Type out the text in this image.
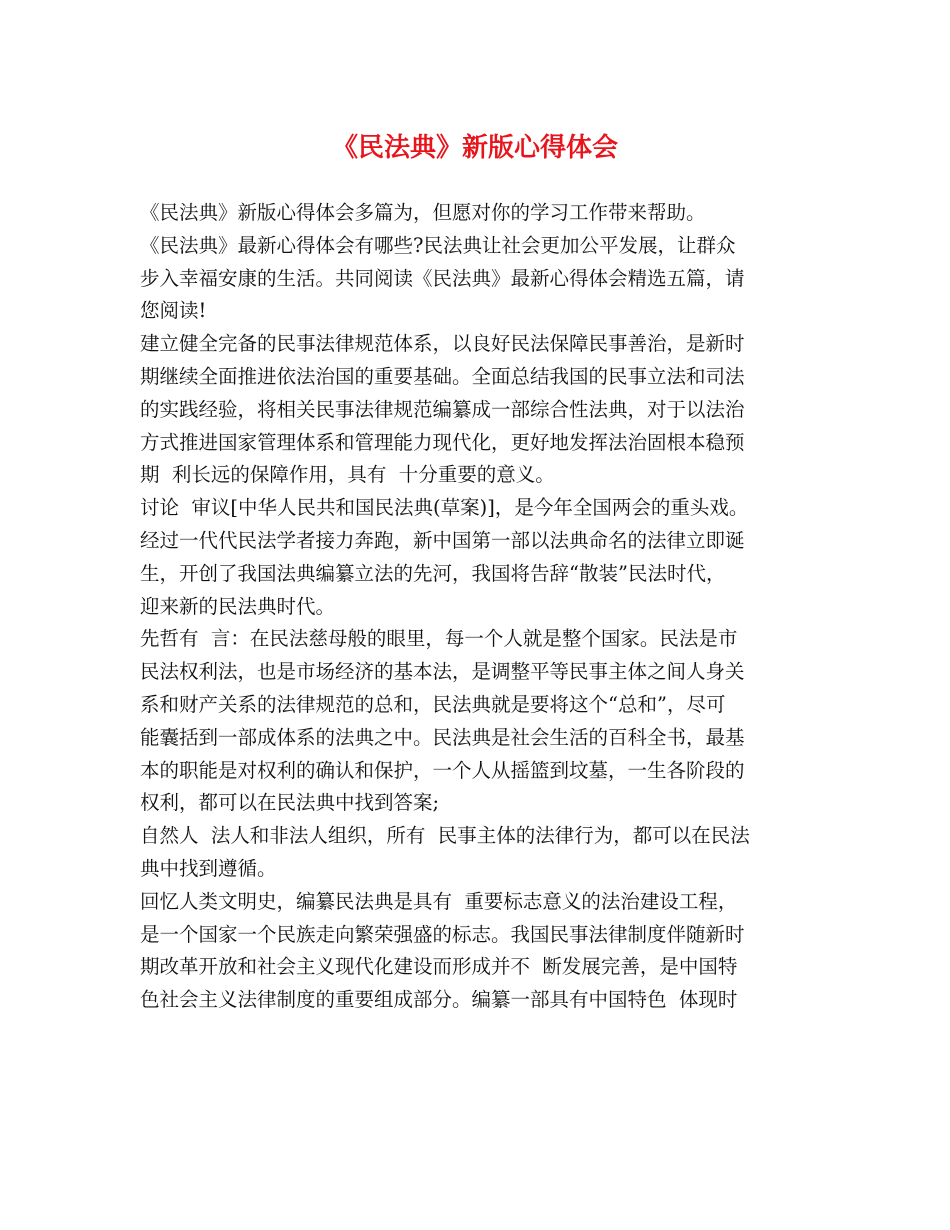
《民法典》新版心得体会
《民法典》新版心得体会多篇为，但愿对你的学习工作带来帮助。
《民法典》最新心得体会有哪些?民法典让社会更加公平发展，让群众
步入幸福安康的生活。共同阅读《民法典》最新心得体会精选五篇，请
您阅读!
建立健全完备的民事法律规范体系，以良好民法保障民事善治，是新时
期继续全面推进依法治国的重要基础。全面总结我国的民事立法和司法
的实践经验，将相关民事法律规范编纂成一部综合性法典，对于以法治
方式推进国家管理体系和管理能力现代化，更好地发挥法治固根本稳预
期  利长远的保障作用，具有  十分重要的意义。
讨论  审议[中华人民共和国民法典(草案)]，是今年全国两会的重头戏。
经过一代代民法学者接力奔跑，新中国第一部以法典命名的法律立即诞
生，开创了我国法典编纂立法的先河，我国将告辞“散装”民法时代，
迎来新的民法典时代。
先哲有  言：在民法慈母般的眼里，每一个人就是整个国家。民法是市
民法权利法，也是市场经济的基本法，是调整平等民事主体之间人身关
系和财产关系的法律规范的总和，民法典就是要将这个“总和”，尽可
能囊括到一部成体系的法典之中。民法典是社会生活的百科全书，最基
本的职能是对权利的确认和保护，一个人从摇篮到坟墓，一生各阶段的
权利，都可以在民法典中找到答案;
自然人  法人和非法人组织，所有  民事主体的法律行为，都可以在民法
典中找到遵循。
回忆人类文明史，编纂民法典是具有  重要标志意义的法治建设工程，
是一个国家一个民族走向繁荣强盛的标志。我国民事法律制度伴随新时
期改革开放和社会主义现代化建设而形成并不  断发展完善，是中国特
色社会主义法律制度的重要组成部分。编纂一部具有中国特色  体现时
